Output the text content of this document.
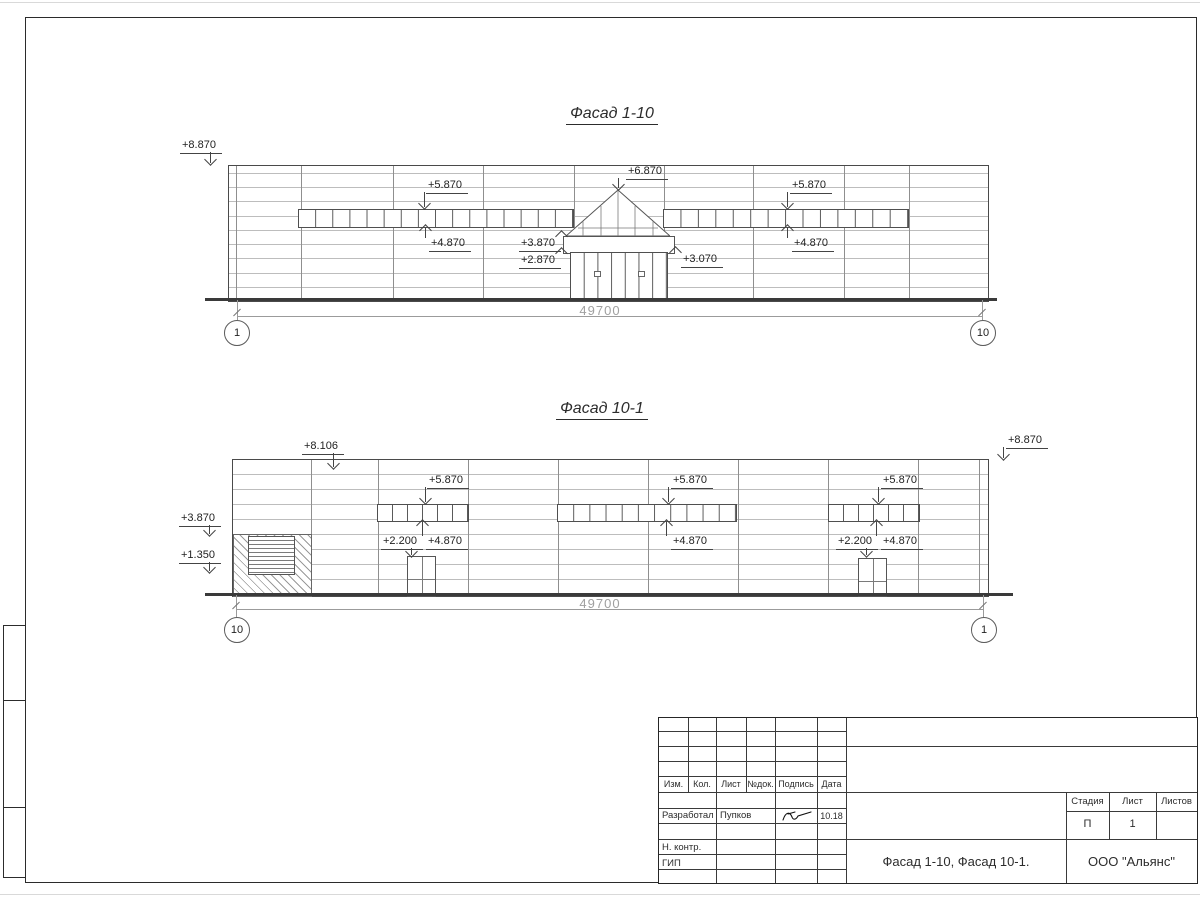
Фасад 1-10
+8.870
+5.870
+4.870
+6.870
+3.870
+2.870	+3.070
+5.870
+4.870
49700
1	10
Фасад 10-1
+8.106	+8.870
+3.870
+1.350
+5.870
+2.200	+4.870
+5.870
+4.870
+5.870
+2.200	+4.870
49700
10	1
Изм.	Кол.	Лист №док. Подпись Дата
Разработал Пупков	10.18
Н. контр.
ГИП
Стадия	Лист	Листов
П	1
Фасад 1-10, Фасад 10-1.	ООО "Альянс"
